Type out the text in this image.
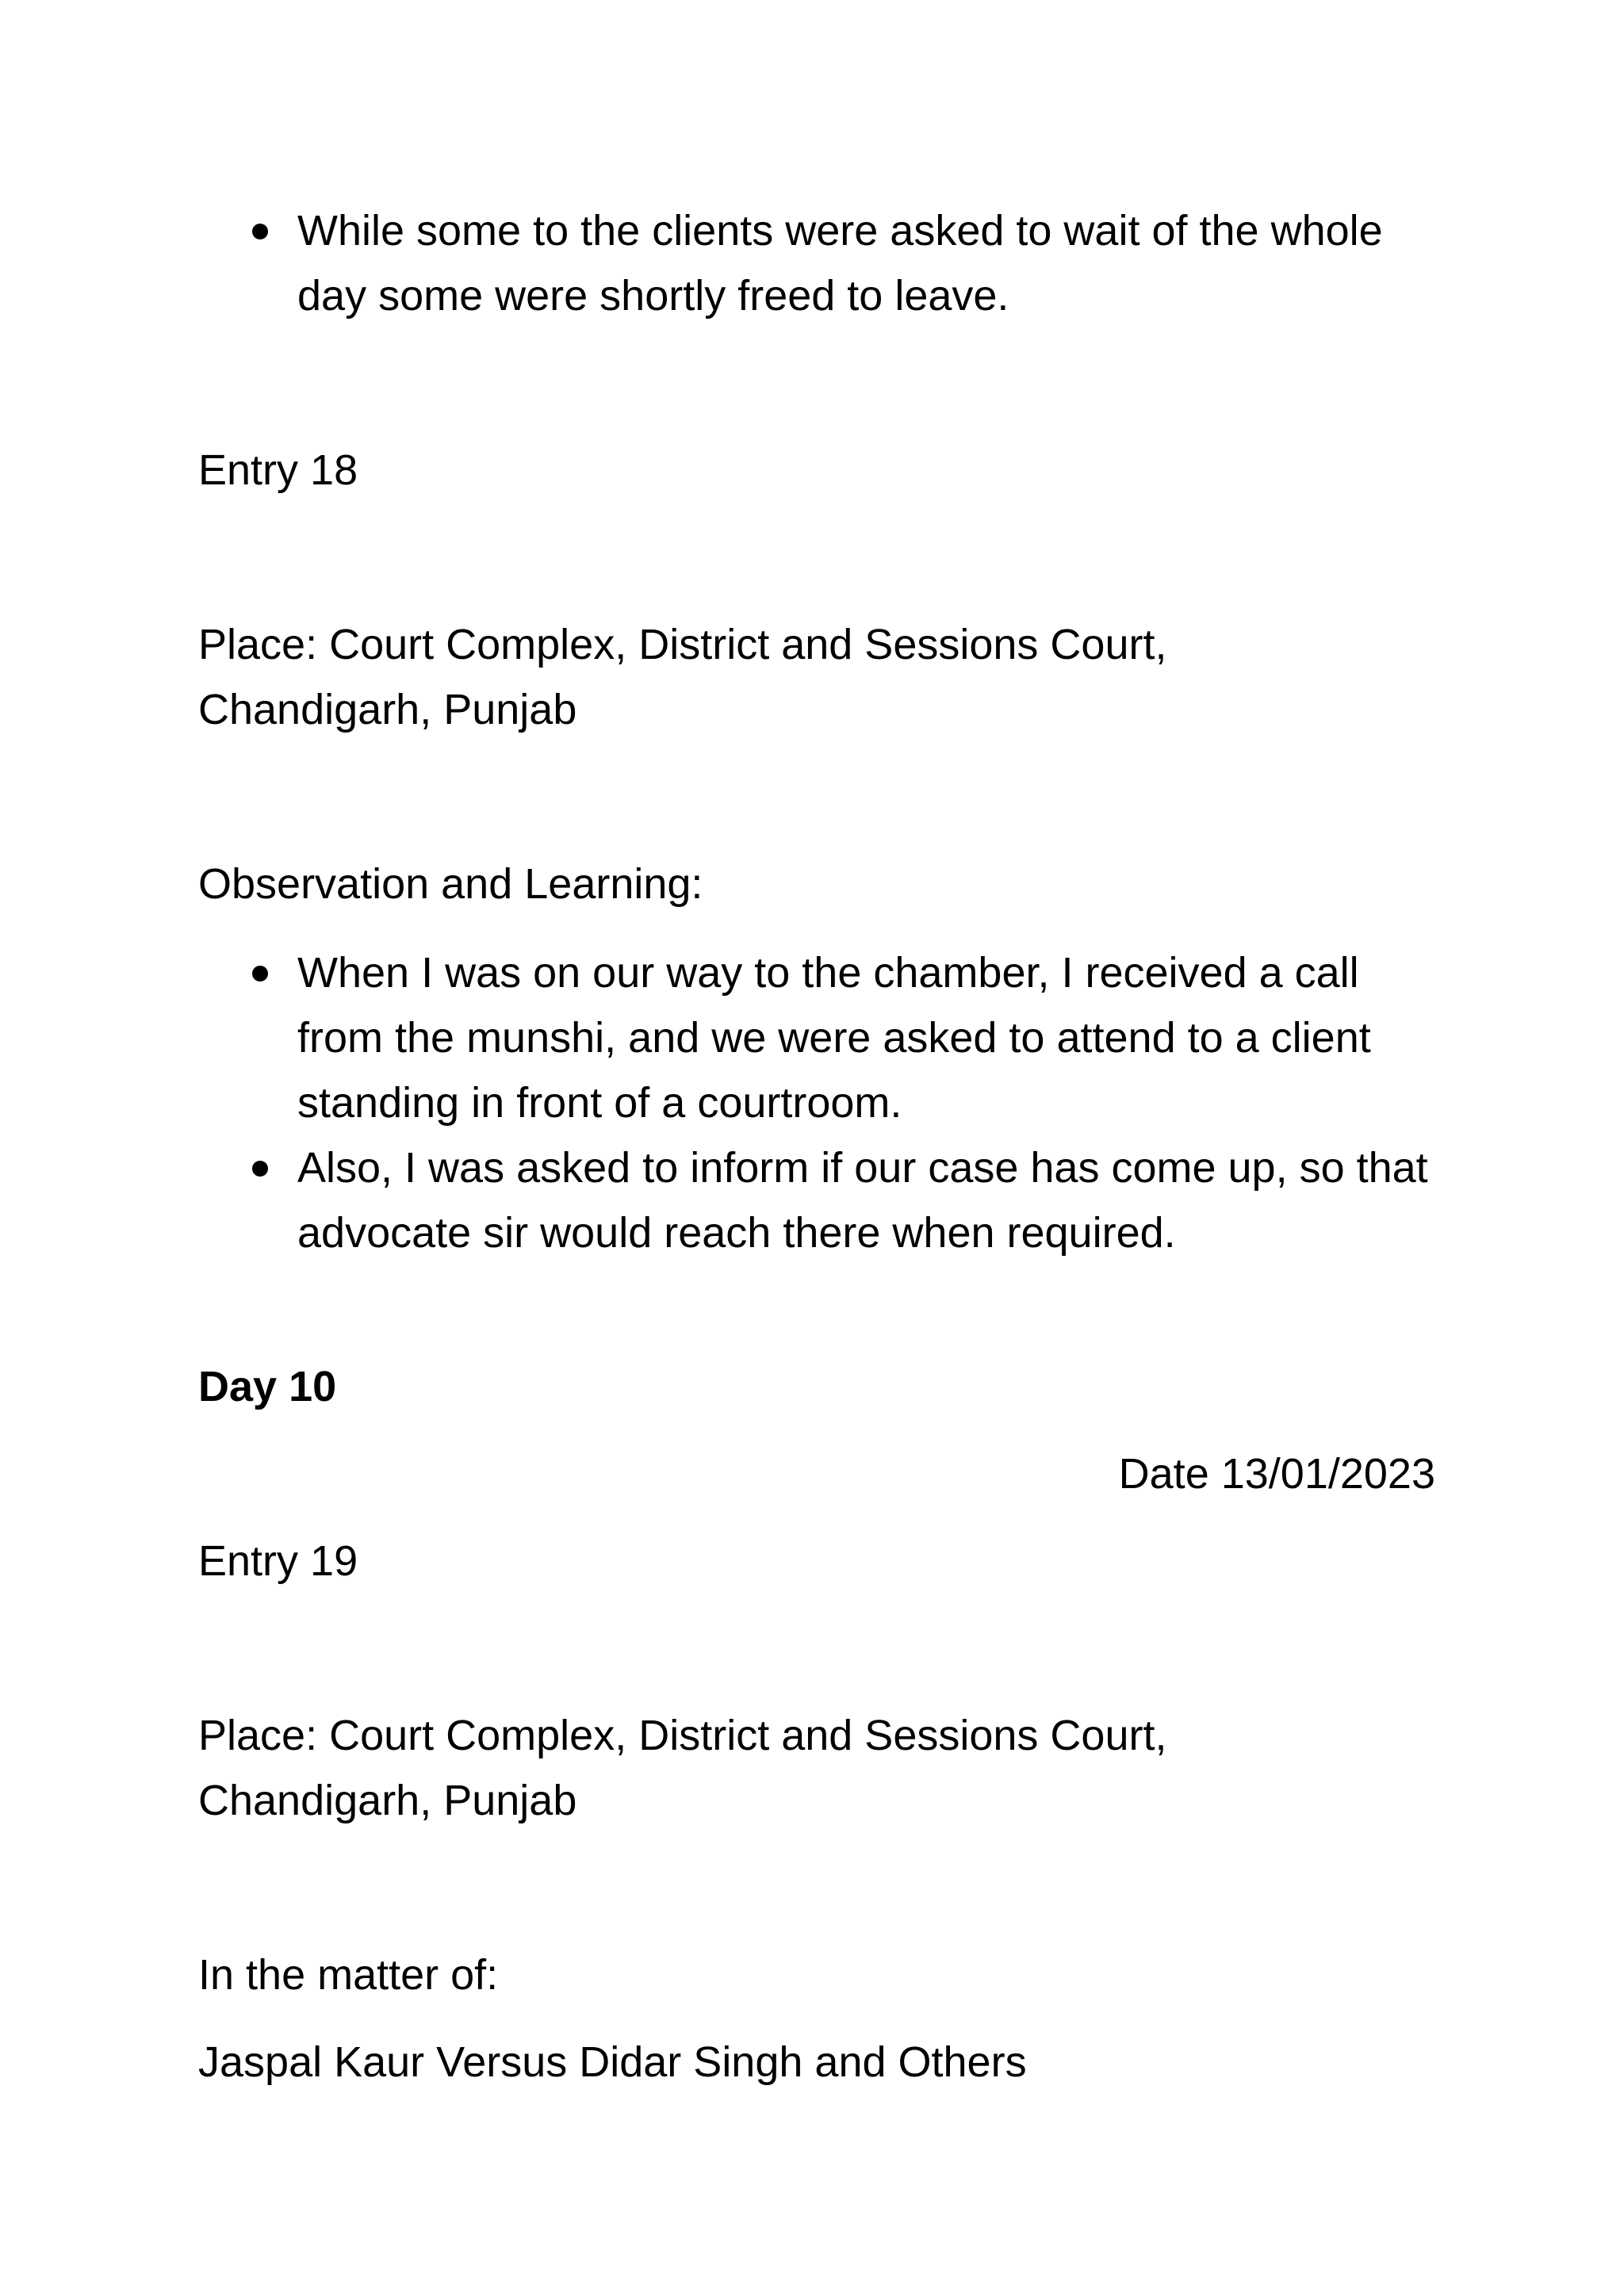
While some to the clients were asked to wait of the whole day some were shortly freed to leave.
Entry 18
Place: Court Complex, District and Sessions Court,
Chandigarh, Punjab
Observation and Learning:
When I was on our way to the chamber, I received a call from the munshi, and we were asked to attend to a client standing in front of a courtroom.
Also, I was asked to inform if our case has come up, so that advocate sir would reach there when required.
Day 10
Date 13/01/2023
Entry 19
Place: Court Complex, District and Sessions Court,
Chandigarh, Punjab
In the matter of:
Jaspal Kaur Versus Didar Singh and Others
